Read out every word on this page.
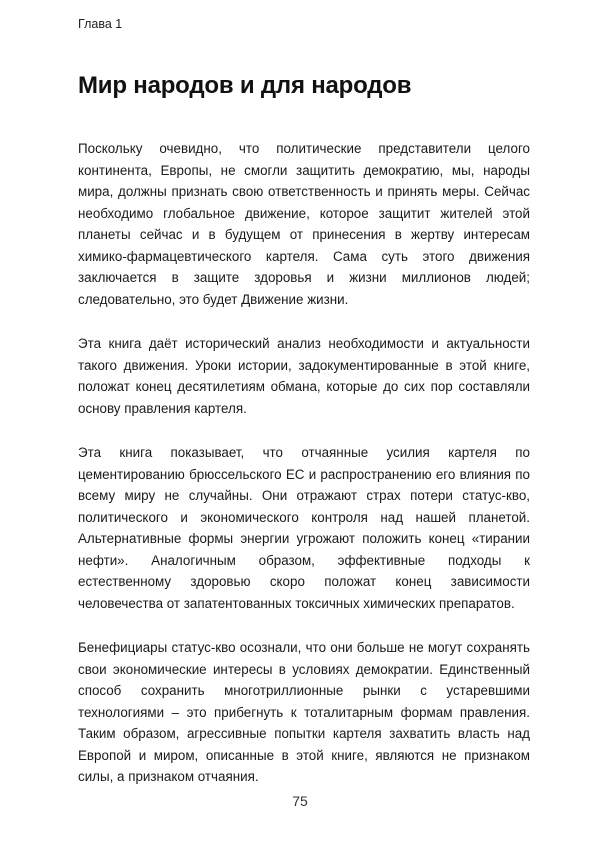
Глава 1
Мир народов и для народов

Поскольку очевидно, что политические представители целого континента, Европы, не смогли защитить демократию, мы, народы мира, должны признать свою ответственность и принять меры. Сейчас необходимо глобальное движение, которое защитит жителей этой планеты сейчас и в будущем от принесения в жертву интересам химико-фармацевтического картеля. Сама суть этого движения заключается в защите здоровья и жизни миллионов людей; следовательно, это будет Движение жизни.

Эта книга даёт исторический анализ необходимости и актуальности такого движения. Уроки истории, задокументированные в этой книге, положат конец десятилетиям обмана, которые до сих пор составляли основу правления картеля.

Эта книга показывает, что отчаянные усилия картеля по цементированию брюссельского ЕС и распространению его влияния по всему миру не случайны. Они отражают страх потери статус-кво, политического и экономического контроля над нашей планетой. Альтернативные формы энергии угрожают положить конец «тирании нефти». Аналогичным образом, эффективные подходы к естественному здоровью скоро положат конец зависимости человечества от запатентованных токсичных химических препаратов.

Бенефициары статус-кво осознали, что они больше не могут сохранять свои экономические интересы в условиях демократии. Единственный способ сохранить многотриллионные рынки с устаревшими технологиями – это прибегнуть к тоталитарным формам правления. Таким образом, агрессивные попытки картеля захватить власть над Европой и миром, описанные в этой книге, являются не признаком силы, а признаком отчаяния.

75
